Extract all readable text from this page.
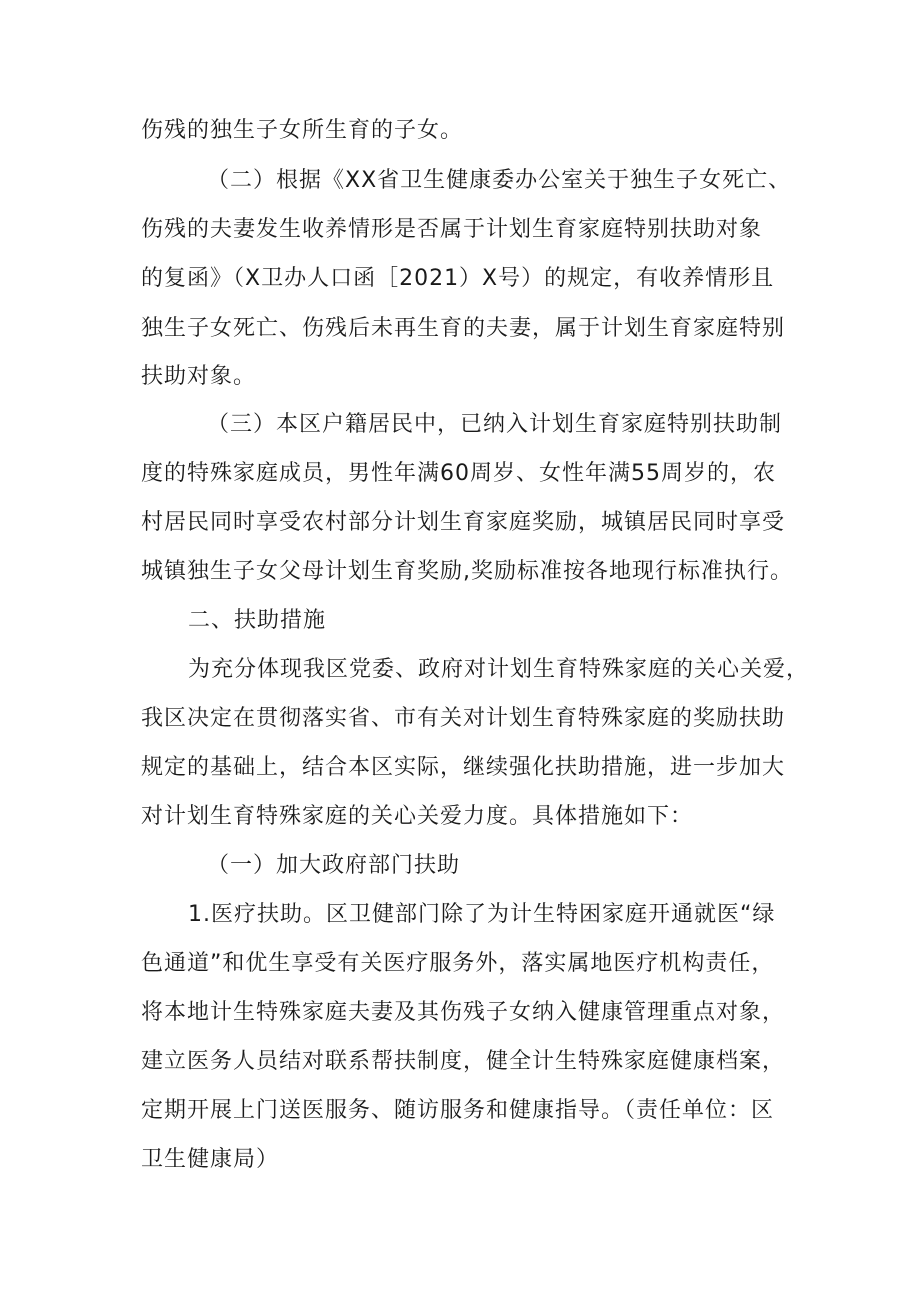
伤残的独生子女所生育的子女。
（二）根据《XX省卫生健康委办公室关于独生子女死亡、
伤残的夫妻发生收养情形是否属于计划生育家庭特别扶助对象
的复函》（X卫办人口函［2021）X号）的规定，有收养情形且
独生子女死亡、伤残后未再生育的夫妻，属于计划生育家庭特别
扶助对象。
（三）本区户籍居民中，已纳入计划生育家庭特别扶助制
度的特殊家庭成员，男性年满60周岁、女性年满55周岁的，农
村居民同时享受农村部分计划生育家庭奖励，城镇居民同时享受
城镇独生子女父母计划生育奖励,奖励标准按各地现行标准执行。
二、扶助措施
为充分体现我区党委、政府对计划生育特殊家庭的关心关爱，
我区决定在贯彻落实省、市有关对计划生育特殊家庭的奖励扶助
规定的基础上，结合本区实际，继续强化扶助措施，进一步加大
对计划生育特殊家庭的关心关爱力度。具体措施如下：
（一）加大政府部门扶助
1.医疗扶助。区卫健部门除了为计生特困家庭开通就医“绿
色通道”和优生享受有关医疗服务外，落实属地医疗机构责任，
将本地计生特殊家庭夫妻及其伤残子女纳入健康管理重点对象，
建立医务人员结对联系帮扶制度，健全计生特殊家庭健康档案，
定期开展上门送医服务、随访服务和健康指导。（责任单位：区
卫生健康局）
